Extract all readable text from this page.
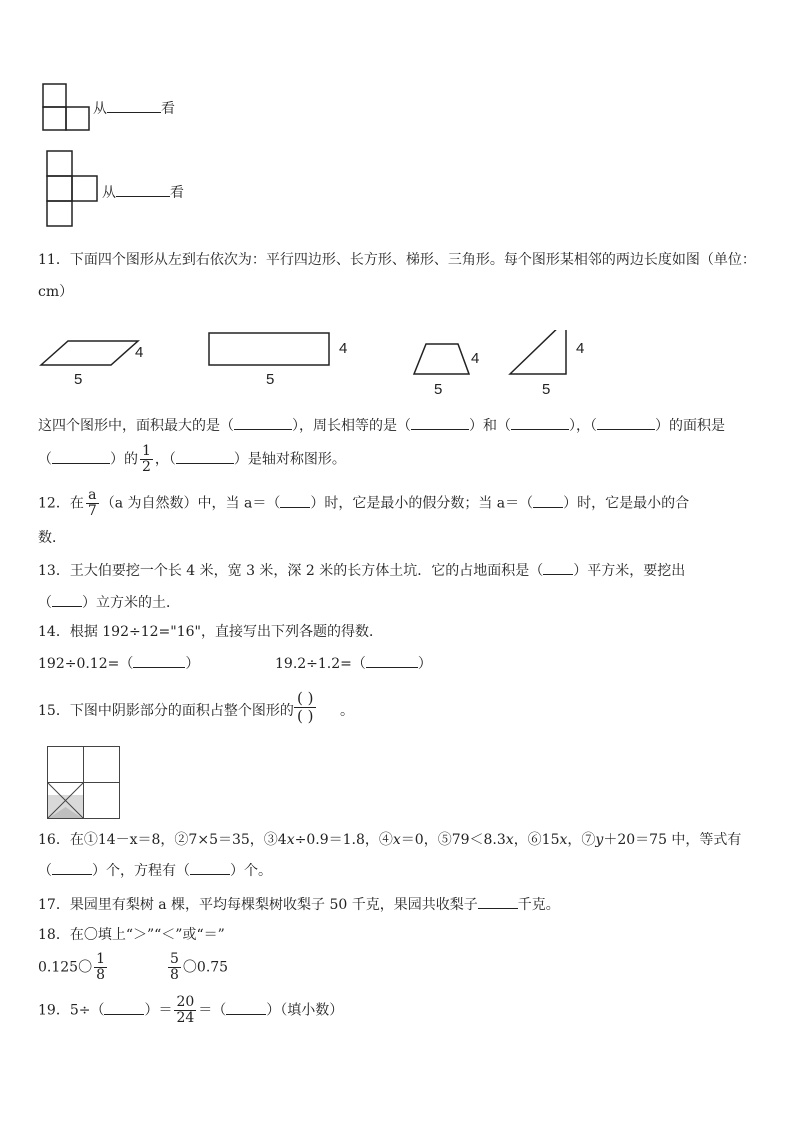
从	看
从	看
11．下面四个图形从左到右依次为：平行四边形、长方形、梯形、三角形。每个图形某相邻的两边长度如图（单位：
cm）
4
5
4
5
4
5
4
5
这四个图形中，面积最大的是（	），周长相等的是（	）和（	），（	）的面积是
（	）的 $\frac{1}{2}$ ，（	）是轴对称图形。
12．在 $\frac{a}{7} (a$ 为自然数）中，当 a＝（ ）时，它是最小的假分数；当 a＝（ ）时，它是最小的合
数．
13．王大伯要挖一个长 4 米，宽 3 米，深 2 米的长方体土坑．它的占地面积是（ ）平方米，要挖出
（ ）立方米的土．
14．根据 192÷12="16"，直接写出下列各题的得数．
192÷0.12=（	）	19.2÷1.2=（	）
15．下图中阴影部分的面积占整个图形的
( )
( ) 。
16．在①14－x＝8，②7×5＝35，③4x÷0.9＝1.8，④x＝0，⑤79＜8.3x，⑥15x，⑦y＋20＝75 中，等式有
（	）个，方程有（	）个。
17．果园里有梨树 a 棵，平均每棵梨树收梨子 50 千克，果园共收梨子	千克。
18．在〇填上“＞”“＜”或“＝”
0.125〇 $\frac{1}{8}$	$\frac{5}{8}$ 〇0.75
19．5÷（	）＝ $\frac{20}{24}$ ＝（	）（填小数）
